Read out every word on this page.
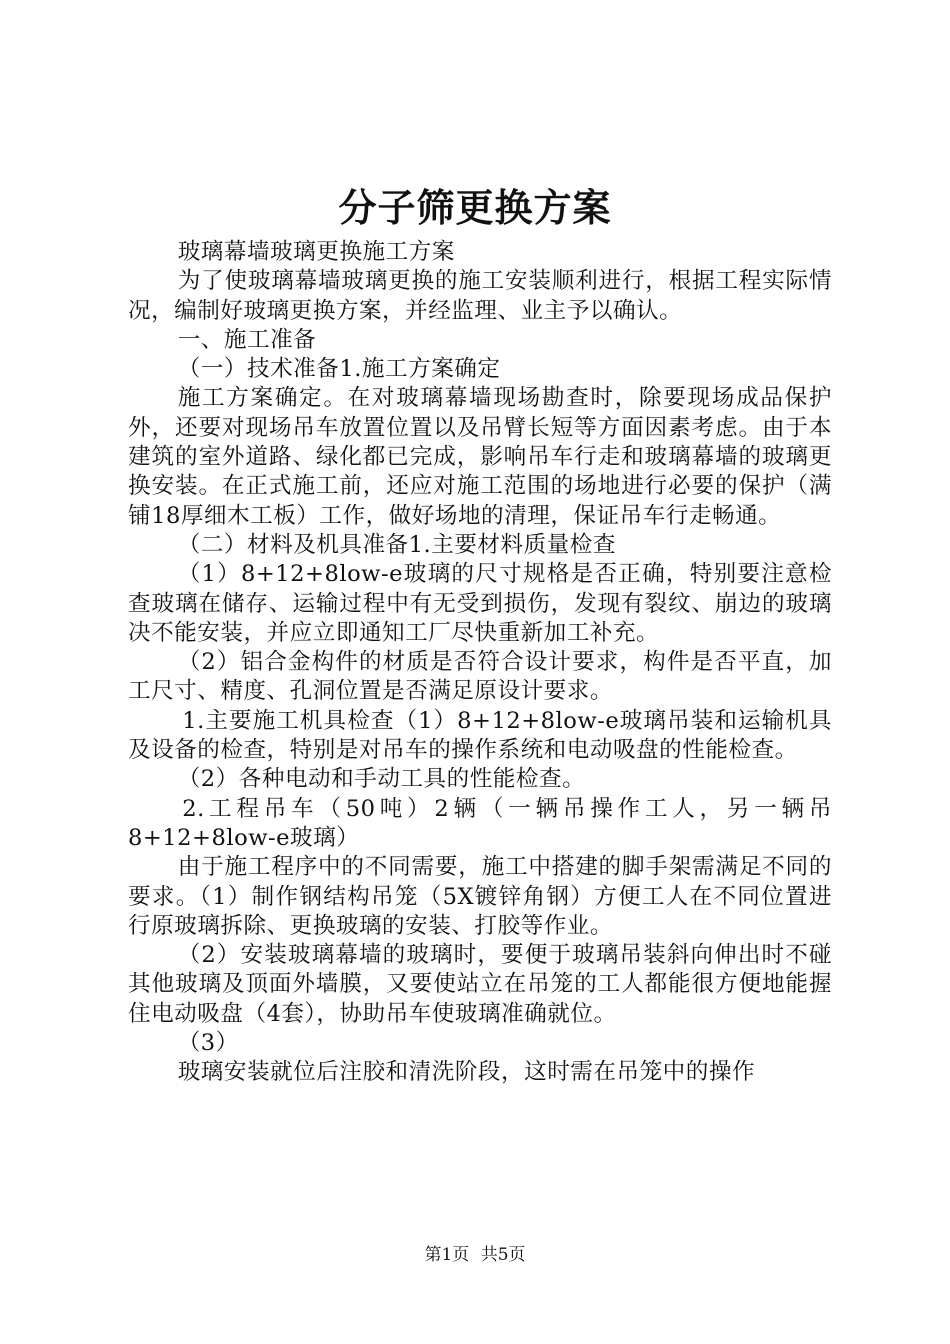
分子筛更换方案

玻璃幕墙玻璃更换施工方案

为了使玻璃幕墙玻璃更换的施工安装顺利进行，根据工程实际情况，编制好玻璃更换方案，并经监理、业主予以确认。

一、施工准备

（一）技术准备1.施工方案确定

施工方案确定。在对玻璃幕墙现场勘查时，除要现场成品保护外，还要对现场吊车放置位置以及吊臂长短等方面因素考虑。由于本建筑的室外道路、绿化都已完成，影响吊车行走和玻璃幕墙的玻璃更换安装。在正式施工前，还应对施工范围的场地进行必要的保护（满铺18厚细木工板）工作，做好场地的清理，保证吊车行走畅通。

（二）材料及机具准备1.主要材料质量检查

（1）8+12+8low-e玻璃的尺寸规格是否正确，特别要注意检查玻璃在储存、运输过程中有无受到损伤，发现有裂纹、崩边的玻璃决不能安装，并应立即通知工厂尽快重新加工补充。

（2）铝合金构件的材质是否符合设计要求，构件是否平直，加工尺寸、精度、孔洞位置是否满足原设计要求。

1.主要施工机具检查（1）8+12+8low-e玻璃吊装和运输机具及设备的检查，特别是对吊车的操作系统和电动吸盘的性能检查。

（2）各种电动和手动工具的性能检查。

2.工程吊车（50吨）2辆（一辆吊操作工人，另一辆吊8+12+8low-e玻璃）

由于施工程序中的不同需要，施工中搭建的脚手架需满足不同的要求。（1）制作钢结构吊笼（5X镀锌角钢）方便工人在不同位置进行原玻璃拆除、更换玻璃的安装、打胶等作业。

（2）安装玻璃幕墙的玻璃时，要便于玻璃吊装斜向伸出时不碰其他玻璃及顶面外墙膜，又要使站立在吊笼的工人都能很方便地能握住电动吸盘（4套），协助吊车使玻璃准确就位。

（3）

玻璃安装就位后注胶和清洗阶段，这时需在吊笼中的操作

第1页 共5页
